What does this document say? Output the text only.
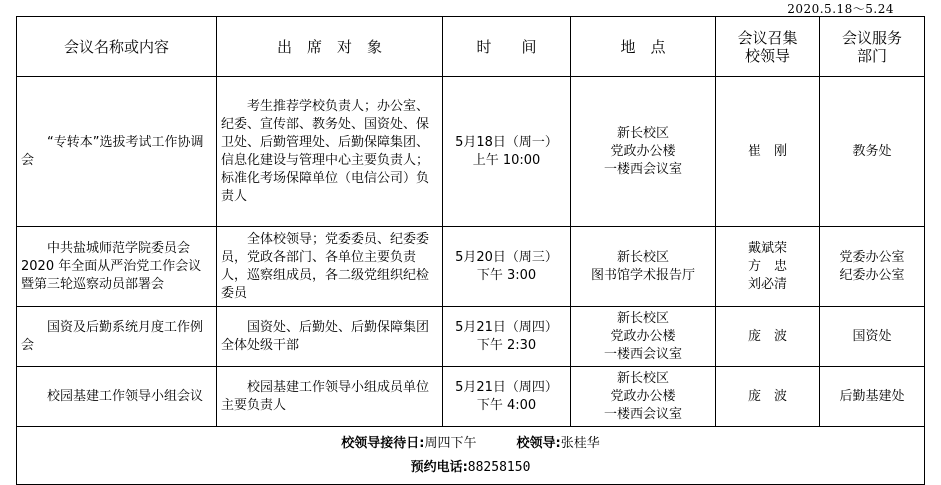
2020.5.18～5.24
会议名称或内容	出　席　对　象	时　　间	地　点	会议召集
校领导	会议服务
部门
“专转本”选拔考试工作协调会	考生推荐学校负责人；办公室、纪委、宣传部、教务处、国资处、保卫处、后勤管理处、后勤保障集团、信息化建设与管理中心主要负责人；标准化考场保障单位（电信公司）负责人	5月18日（周一）
上午 10:00	新长校区
党政办公楼
一楼西会议室	崔　刚	教务处
中共盐城师范学院委员会 2020 年全面从严治党工作会议暨第三轮巡察动员部署会	全体校领导；党委委员、纪委委员，党政各部门、各单位主要负责人，巡察组成员，各二级党组织纪检委员	5月20日（周三）
下午 3:00	新长校区
图书馆学术报告厅	戴斌荣
方　忠
刘必清	党委办公室
纪委办公室
国资及后勤系统月度工作例会	国资处、后勤处、后勤保障集团全体处级干部	5月21日（周四）
下午 2:30	新长校区
党政办公楼
一楼西会议室	庞　波	国资处
校园基建工作领导小组会议	校园基建工作领导小组成员单位主要负责人	5月21日（周四）
下午 4:00	新长校区
党政办公楼
一楼西会议室	庞　波	后勤基建处

校领导接待日:周四下午 校领导:张桂华
预约电话:88258150					
